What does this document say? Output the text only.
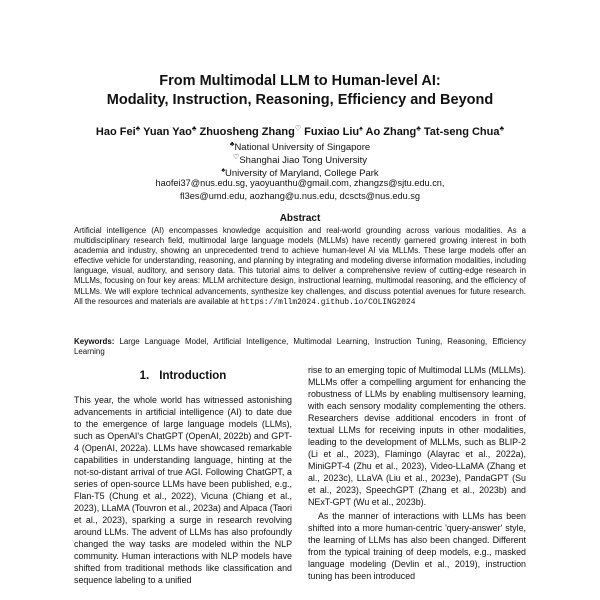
From Multimodal LLM to Human-level AI:
Modality, Instruction, Reasoning, Efficiency and Beyond
Hao Fei♣ Yuan Yao♣ Zhuosheng Zhang♡ Fuxiao Liu♠ Ao Zhang♣ Tat-seng Chua♣
♣National University of Singapore
♡Shanghai Jiao Tong University
♠University of Maryland, College Park
haofei37@nus.edu.sg, yaoyuanthu@gmail.com, zhangzs@sjtu.edu.cn,
fl3es@umd.edu, aozhang@u.nus.edu, dcscts@nus.edu.sg
Abstract
Artificial intelligence (AI) encompasses knowledge acquisition and real-world grounding across various modalities. As a multidisciplinary research field, multimodal large language models (MLLMs) have recently garnered growing interest in both academia and industry, showing an unprecedented trend to achieve human-level AI via MLLMs. These large models offer an effective vehicle for understanding, reasoning, and planning by integrating and modeling diverse information modalities, including language, visual, auditory, and sensory data. This tutorial aims to deliver a comprehensive review of cutting-edge research in MLLMs, focusing on four key areas: MLLM architecture design, instructional learning, multimodal reasoning, and the efficiency of MLLMs. We will explore technical advancements, synthesize key challenges, and discuss potential avenues for future research. All the resources and materials are available at https://mllm2024.github.io/COLING2024
Keywords: Large Language Model, Artificial Intelligence, Multimodal Learning, Instruction Tuning, Reasoning, Efficiency Learning
1. Introduction

This year, the whole world has witnessed astonishing advancements in artificial intelligence (AI) to date due to the emergence of large language models (LLMs), such as OpenAI's ChatGPT (OpenAI, 2022b) and GPT-4 (OpenAI, 2022a). LLMs have showcased remarkable capabilities in understanding language, hinting at the not-so-distant arrival of true AGI. Following ChatGPT, a series of open-source LLMs have been published, e.g., Flan-T5 (Chung et al., 2022), Vicuna (Chiang et al., 2023), LLaMA (Touvron et al., 2023a) and Alpaca (Taori et al., 2023), sparking a surge in research revolving around LLMs. The advent of LLMs has also profoundly changed the way tasks are modeled within the NLP community. Human interactions with NLP models have shifted from traditional methods like classification and sequence labeling to a unified

rise to an emerging topic of Multimodal LLMs (MLLMs). MLLMs offer a compelling argument for enhancing the robustness of LLMs by enabling multisensory learning, with each sensory modality complementing the others. Researchers devise additional encoders in front of textual LLMs for receiving inputs in other modalities, leading to the development of MLLMs, such as BLIP-2 (Li et al., 2023), Flamingo (Alayrac et al., 2022a), MiniGPT-4 (Zhu et al., 2023), Video-LLaMA (Zhang et al., 2023c), LLaVA (Liu et al., 2023e), PandaGPT (Su et al., 2023), SpeechGPT (Zhang et al., 2023b) and NExT-GPT (Wu et al., 2023b).

As the manner of interactions with LLMs has been shifted into a more human-centric 'query-answer' style, the learning of LLMs has also been changed. Different from the typical training of deep models, e.g., masked language modeling (Devlin et al., 2019), instruction tuning has been introduced
